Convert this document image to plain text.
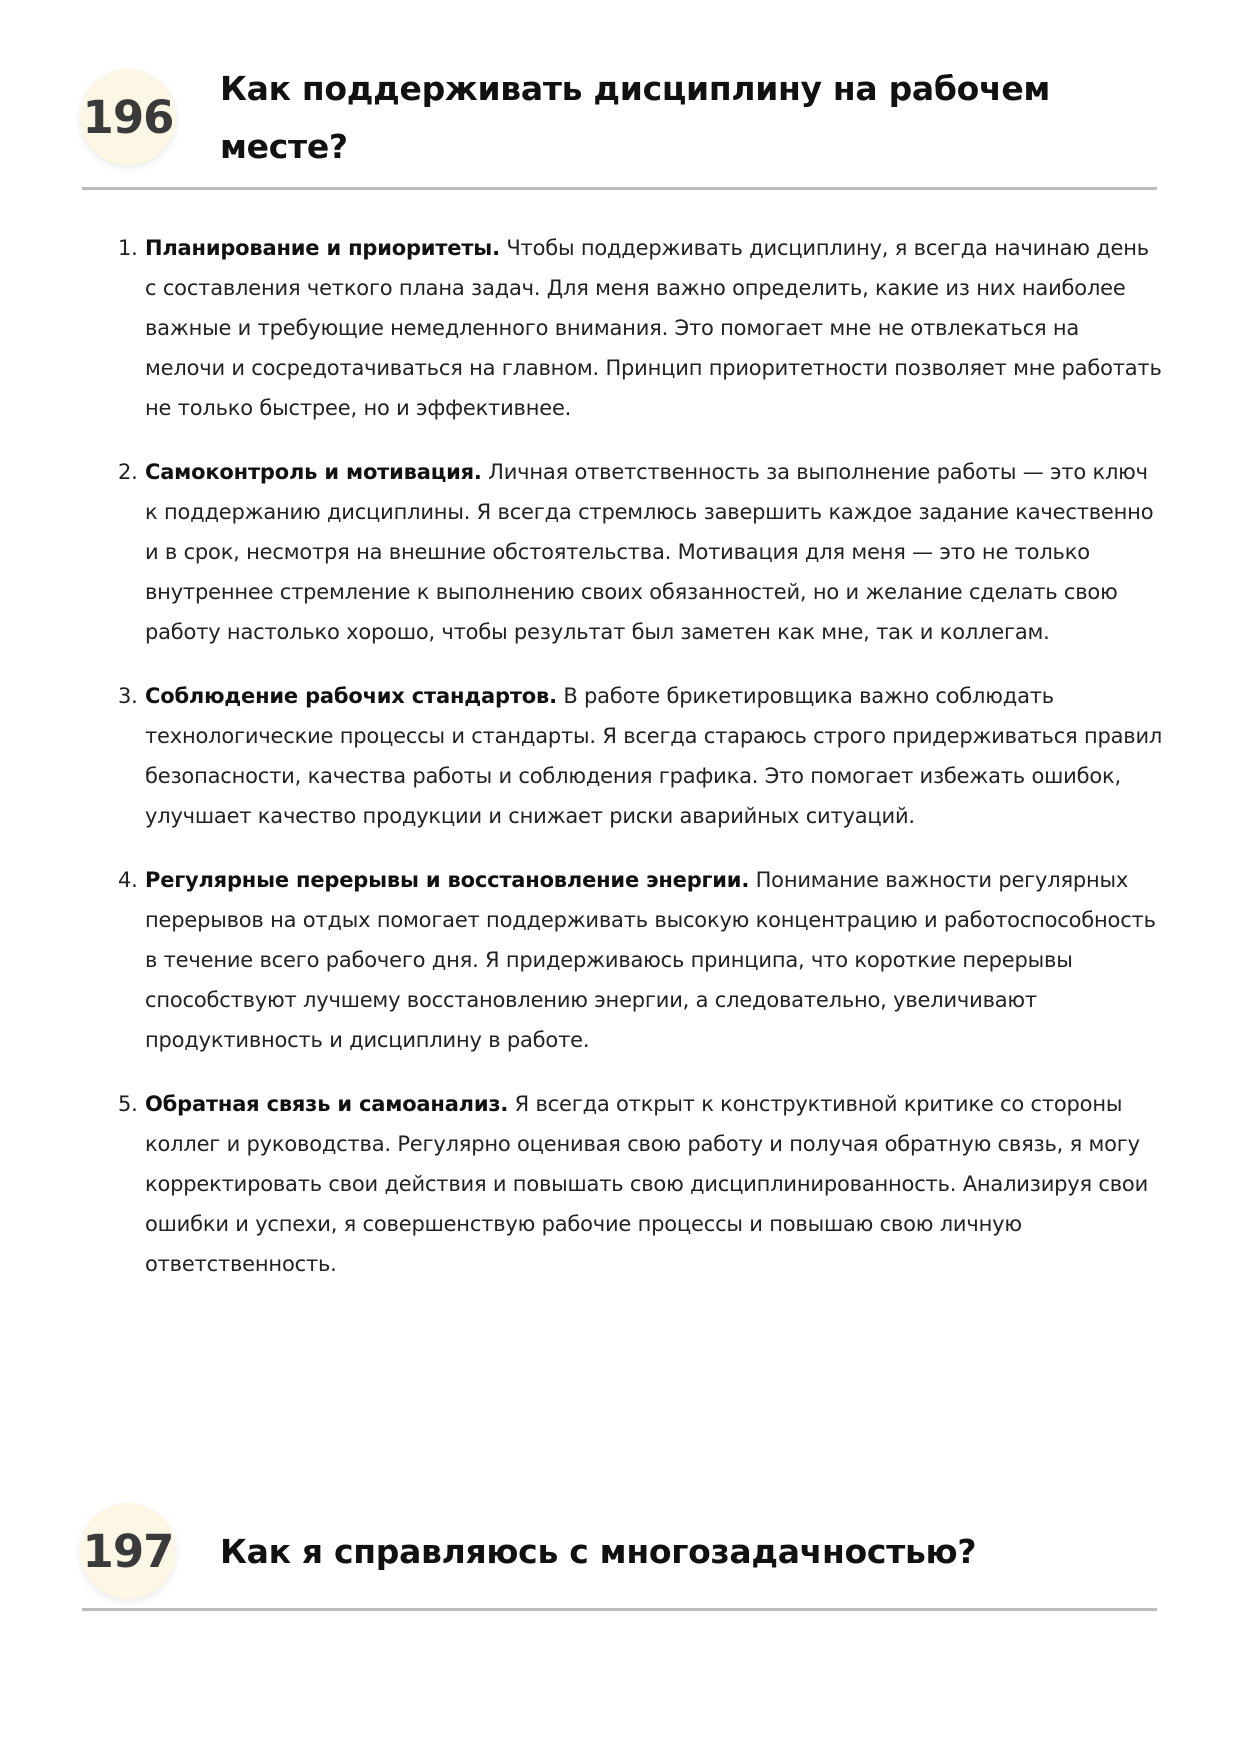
196
Как поддерживать дисциплину на рабочем месте?
1. Планирование и приоритеты. Чтобы поддерживать дисциплину, я всегда начинаю день с составления четкого плана задач. Для меня важно определить, какие из них наиболее важные и требующие немедленного внимания. Это помогает мне не отвлекаться на мелочи и сосредотачиваться на главном. Принцип приоритетности позволяет мне работать не только быстрее, но и эффективнее.
2. Самоконтроль и мотивация. Личная ответственность за выполнение работы — это ключ к поддержанию дисциплины. Я всегда стремлюсь завершить каждое задание качественно и в срок, несмотря на внешние обстоятельства. Мотивация для меня — это не только внутреннее стремление к выполнению своих обязанностей, но и желание сделать свою работу настолько хорошо, чтобы результат был заметен как мне, так и коллегам.
3. Соблюдение рабочих стандартов. В работе брикетировщика важно соблюдать технологические процессы и стандарты. Я всегда стараюсь строго придерживаться правил безопасности, качества работы и соблюдения графика. Это помогает избежать ошибок, улучшает качество продукции и снижает риски аварийных ситуаций.
4. Регулярные перерывы и восстановление энергии. Понимание важности регулярных перерывов на отдых помогает поддерживать высокую концентрацию и работоспособность в течение всего рабочего дня. Я придерживаюсь принципа, что короткие перерывы способствуют лучшему восстановлению энергии, а следовательно, увеличивают продуктивность и дисциплину в работе.
5. Обратная связь и самоанализ. Я всегда открыт к конструктивной критике со стороны коллег и руководства. Регулярно оценивая свою работу и получая обратную связь, я могу корректировать свои действия и повышать свою дисциплинированность. Анализируя свои ошибки и успехи, я совершенствую рабочие процессы и повышаю свою личную ответственность.
197 Как я справляюсь с многозадачностью?
